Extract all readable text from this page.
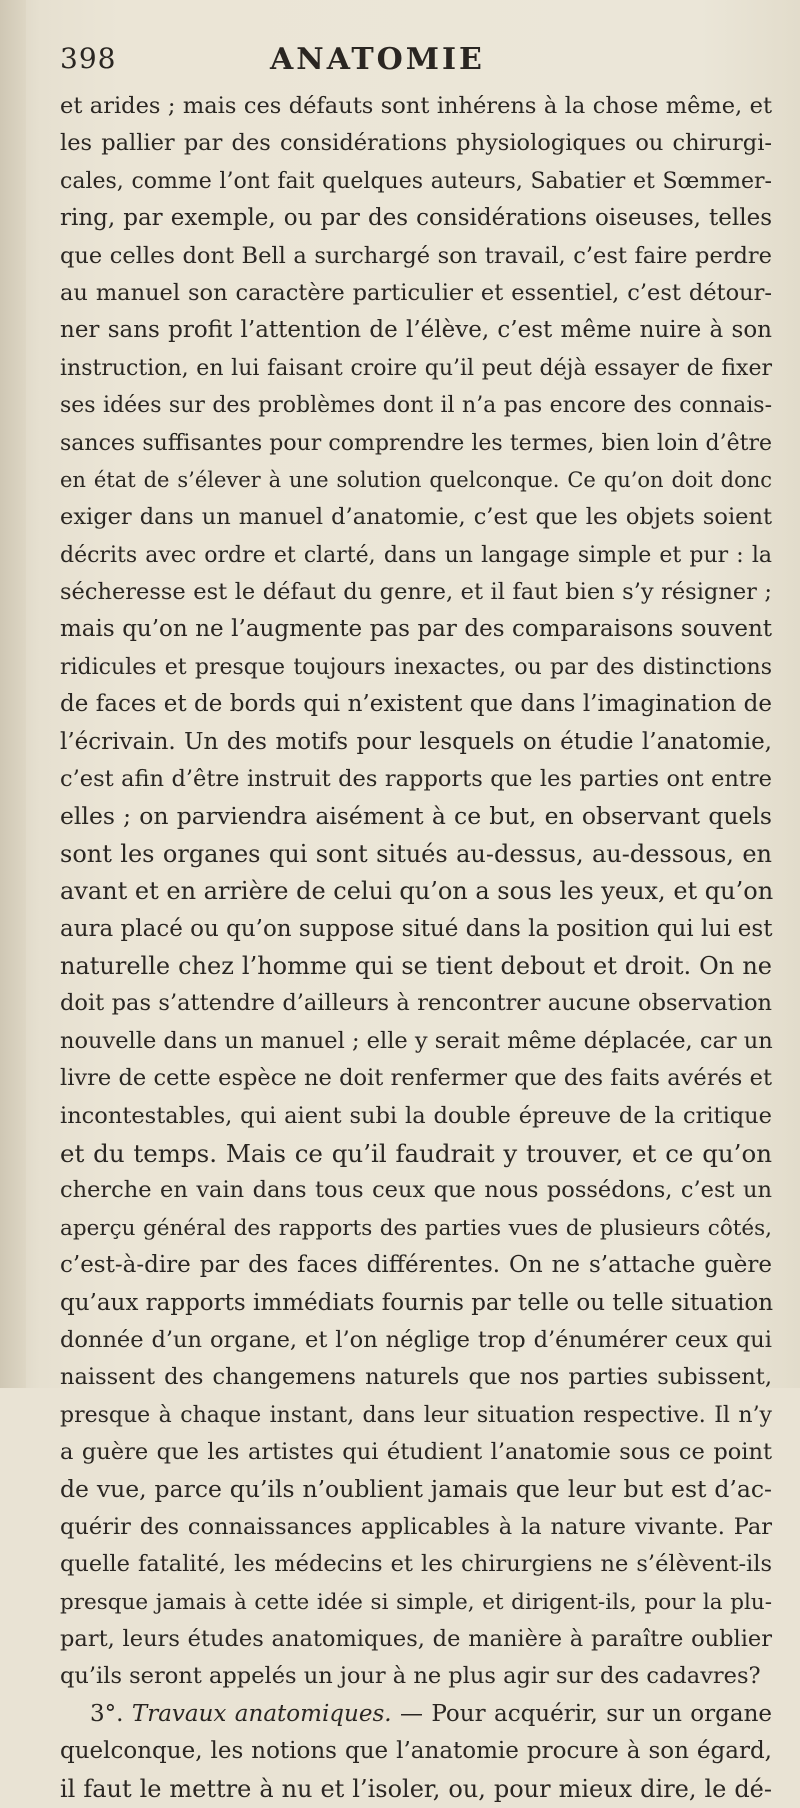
398	ANATOMIE
et arides ; mais ces défauts sont inhérens à la chose même, et
les pallier par des considérations physiologiques ou chirurgi-
cales, comme l’ont fait quelques auteurs, Sabatier et Sœmmer-
ring, par exemple, ou par des considérations oiseuses, telles
que celles dont Bell a surchargé son travail, c’est faire perdre
au manuel son caractère particulier et essentiel, c’est détour-
ner sans profit l’attention de l’élève, c’est même nuire à son
instruction, en lui faisant croire qu’il peut déjà essayer de fixer
ses idées sur des problèmes dont il n’a pas encore des connais-
sances suffisantes pour comprendre les termes, bien loin d’être
en état de s’élever à une solution quelconque. Ce qu’on doit donc
exiger dans un manuel d’anatomie, c’est que les objets soient
décrits avec ordre et clarté, dans un langage simple et pur : la
sécheresse est le défaut du genre, et il faut bien s’y résigner ;
mais qu’on ne l’augmente pas par des comparaisons souvent
ridicules et presque toujours inexactes, ou par des distinctions
de faces et de bords qui n’existent que dans l’imagination de
l’écrivain. Un des motifs pour lesquels on étudie l’anatomie,
c’est afin d’être instruit des rapports que les parties ont entre
elles ; on parviendra aisément à ce but, en observant quels
sont les organes qui sont situés au-dessus, au-dessous, en
avant et en arrière de celui qu’on a sous les yeux, et qu’on
aura placé ou qu’on suppose situé dans la position qui lui est
naturelle chez l’homme qui se tient debout et droit. On ne
doit pas s’attendre d’ailleurs à rencontrer aucune observation
nouvelle dans un manuel ; elle y serait même déplacée, car un
livre de cette espèce ne doit renfermer que des faits avérés et
incontestables, qui aient subi la double épreuve de la critique
et du temps. Mais ce qu’il faudrait y trouver, et ce qu’on
cherche en vain dans tous ceux que nous possédons, c’est un
aperçu général des rapports des parties vues de plusieurs côtés,
c’est-à-dire par des faces différentes. On ne s’attache guère
qu’aux rapports immédiats fournis par telle ou telle situation
donnée d’un organe, et l’on néglige trop d’énumérer ceux qui
naissent des changemens naturels que nos parties subissent,
presque à chaque instant, dans leur situation respective. Il n’y
a guère que les artistes qui étudient l’anatomie sous ce point
de vue, parce qu’ils n’oublient jamais que leur but est d’ac-
quérir des connaissances applicables à la nature vivante. Par
quelle fatalité, les médecins et les chirurgiens ne s’élèvent-ils
presque jamais à cette idée si simple, et dirigent-ils, pour la plu-
part, leurs études anatomiques, de manière à paraître oublier
qu’ils seront appelés un jour à ne plus agir sur des cadavres?
3°. Travaux anatomiques. — Pour acquérir, sur un organe
quelconque, les notions que l’anatomie procure à son égard,
il faut le mettre à nu et l’isoler, ou, pour mieux dire, le dé-
